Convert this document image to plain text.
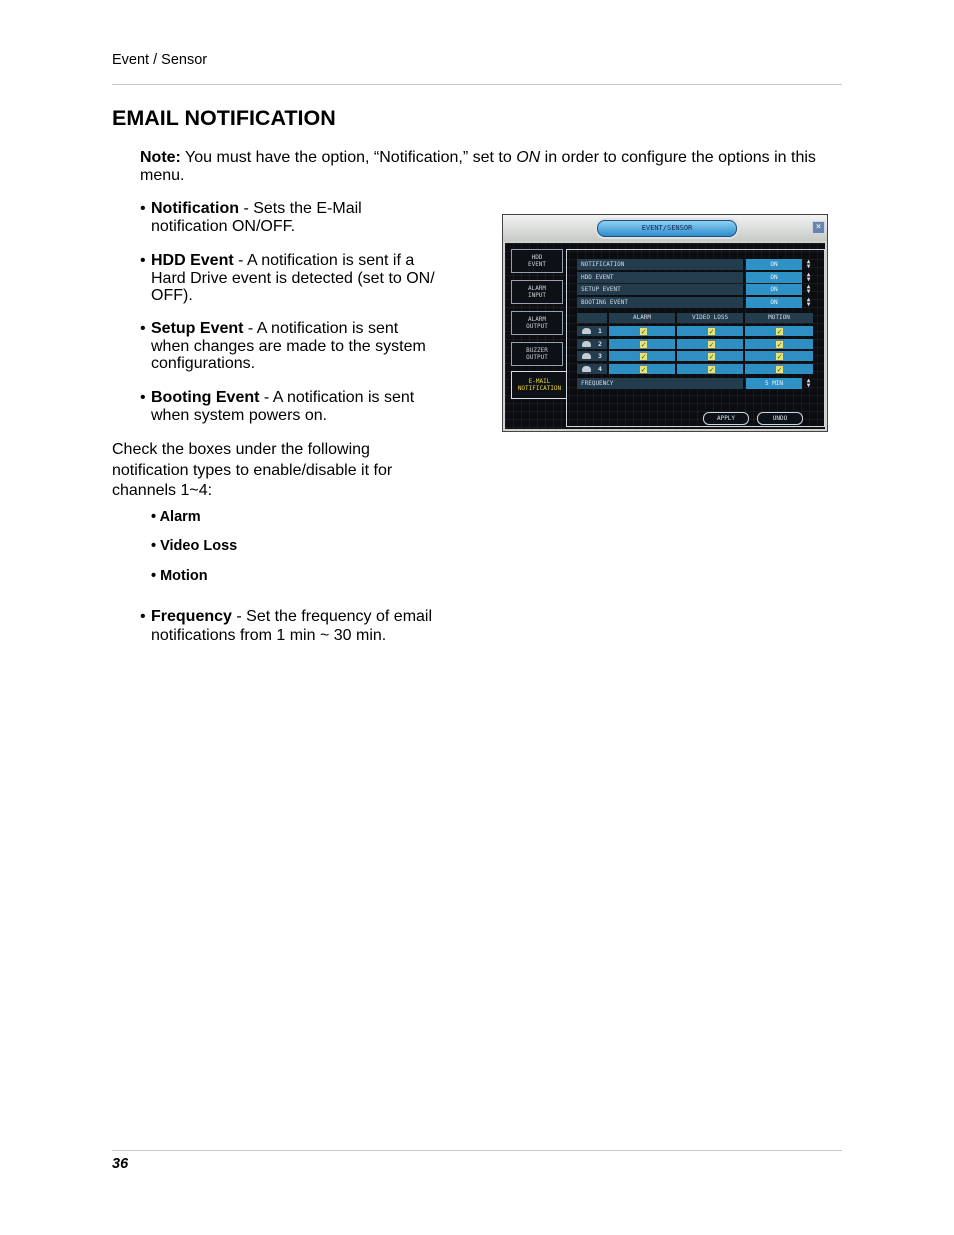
Event / Sensor
EMAIL NOTIFICATION
Note: You must have the option, “Notification,” set to ON in order to configure the options in this menu.
• Notification - Sets the E-Mail notification ON/OFF.
• HDD Event - A notification is sent if a Hard Drive event is detected (set to ON/ OFF).
• Setup Event - A notification is sent when changes are made to the system configurations.
• Booting Event - A notification is sent when system powers on.
Check the boxes under the following notification types to enable/disable it for channels 1~4:
• Alarm
• Video Loss
• Motion
• Frequency - Set the frequency of email notifications from 1 min ~ 30 min.
EVENT/SENSOR	×
HDD
EVENT
ALARM
INPUT
ALARM
OUTPUT
BUZZER
OUTPUT
E-MAIL
NOTIFICATION
NOTIFICATION	ON	▲
▼
HDD EVENT	ON	▲
▼
SETUP EVENT	ON	▲
▼
BOOTING EVENT	ON	▲
▼
ALARM	VIDEO LOSS	MOTION
1	✓	✓	✓
2	✓	✓	✓
3	✓	✓	✓
4	✓	✓	✓
FREQUENCY	5 MIN	▲
▼
APPLY	UNDO
36
